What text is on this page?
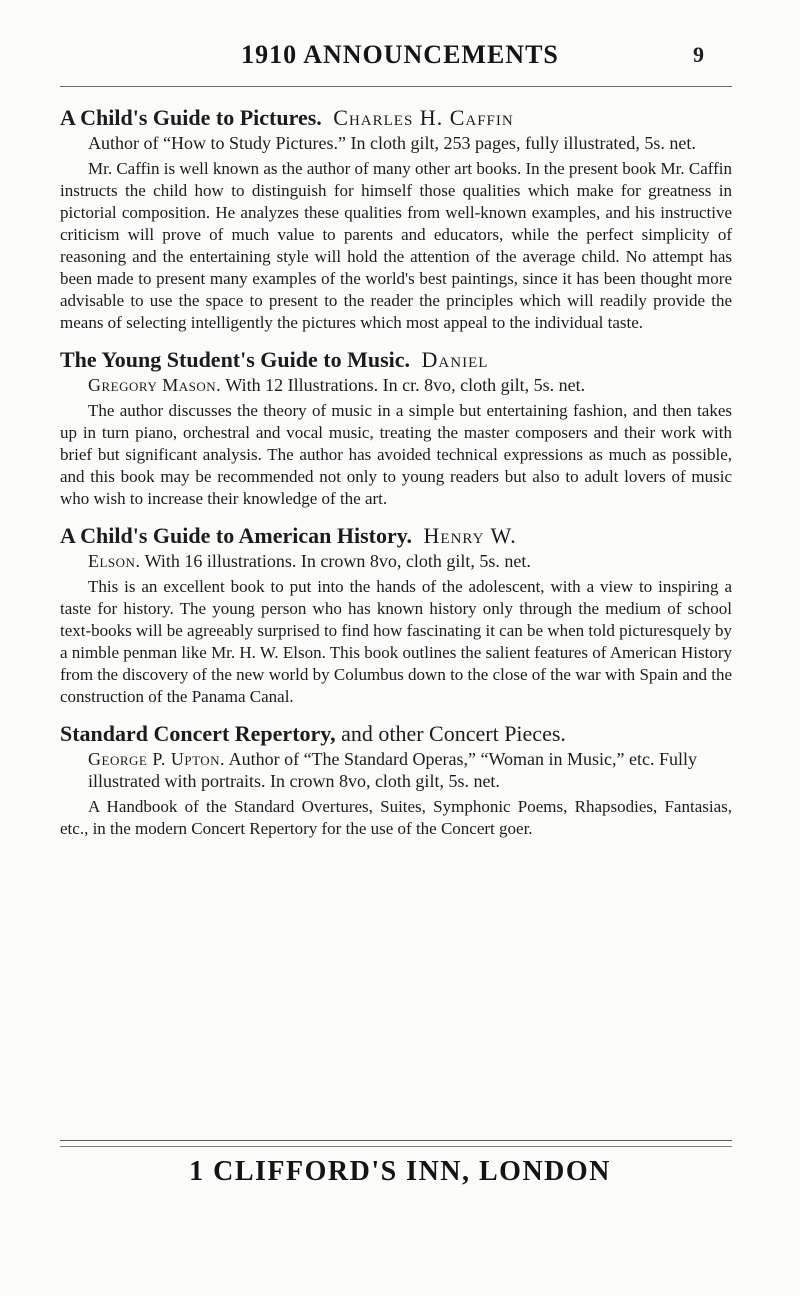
1910 ANNOUNCEMENTS	9

A Child's Guide to Pictures. Charles H. Caffin

Author of “How to Study Pictures.” In cloth gilt, 253 pages, fully illustrated, 5s. net.

Mr. Caffin is well known as the author of many other art books. In the present book Mr. Caffin instructs the child how to distinguish for himself those qualities which make for greatness in pictorial composition. He analyzes these qualities from well-known examples, and his instructive criticism will prove of much value to parents and educators, while the perfect simplicity of reasoning and the entertaining style will hold the attention of the average child. No attempt has been made to present many examples of the world's best paintings, since it has been thought more advisable to use the space to present to the reader the principles which will readily provide the means of selecting intelligently the pictures which most appeal to the individual taste.

The Young Student's Guide to Music. Daniel

Gregory Mason. With 12 Illustrations. In cr. 8vo, cloth gilt, 5s. net.

The author discusses the theory of music in a simple but entertaining fashion, and then takes up in turn piano, orchestral and vocal music, treating the master composers and their work with brief but significant analysis. The author has avoided technical expressions as much as possible, and this book may be recommended not only to young readers but also to adult lovers of music who wish to increase their knowledge of the art.

A Child's Guide to American History. Henry W.

Elson. With 16 illustrations. In crown 8vo, cloth gilt, 5s. net.

This is an excellent book to put into the hands of the adolescent, with a view to inspiring a taste for history. The young person who has known history only through the medium of school text-books will be agreeably surprised to find how fascinating it can be when told picturesquely by a nimble penman like Mr. H. W. Elson. This book outlines the salient features of American History from the discovery of the new world by Columbus down to the close of the war with Spain and the construction of the Panama Canal.

Standard Concert Repertory, and other Concert Pieces.

George P. Upton. Author of “The Standard Operas,” “Woman in Music,” etc. Fully illustrated with portraits. In crown 8vo, cloth gilt, 5s. net.

A Handbook of the Standard Overtures, Suites, Symphonic Poems, Rhapsodies, Fantasias, etc., in the modern Concert Repertory for the use of the Concert goer.

1 CLIFFORD'S INN, LONDON
